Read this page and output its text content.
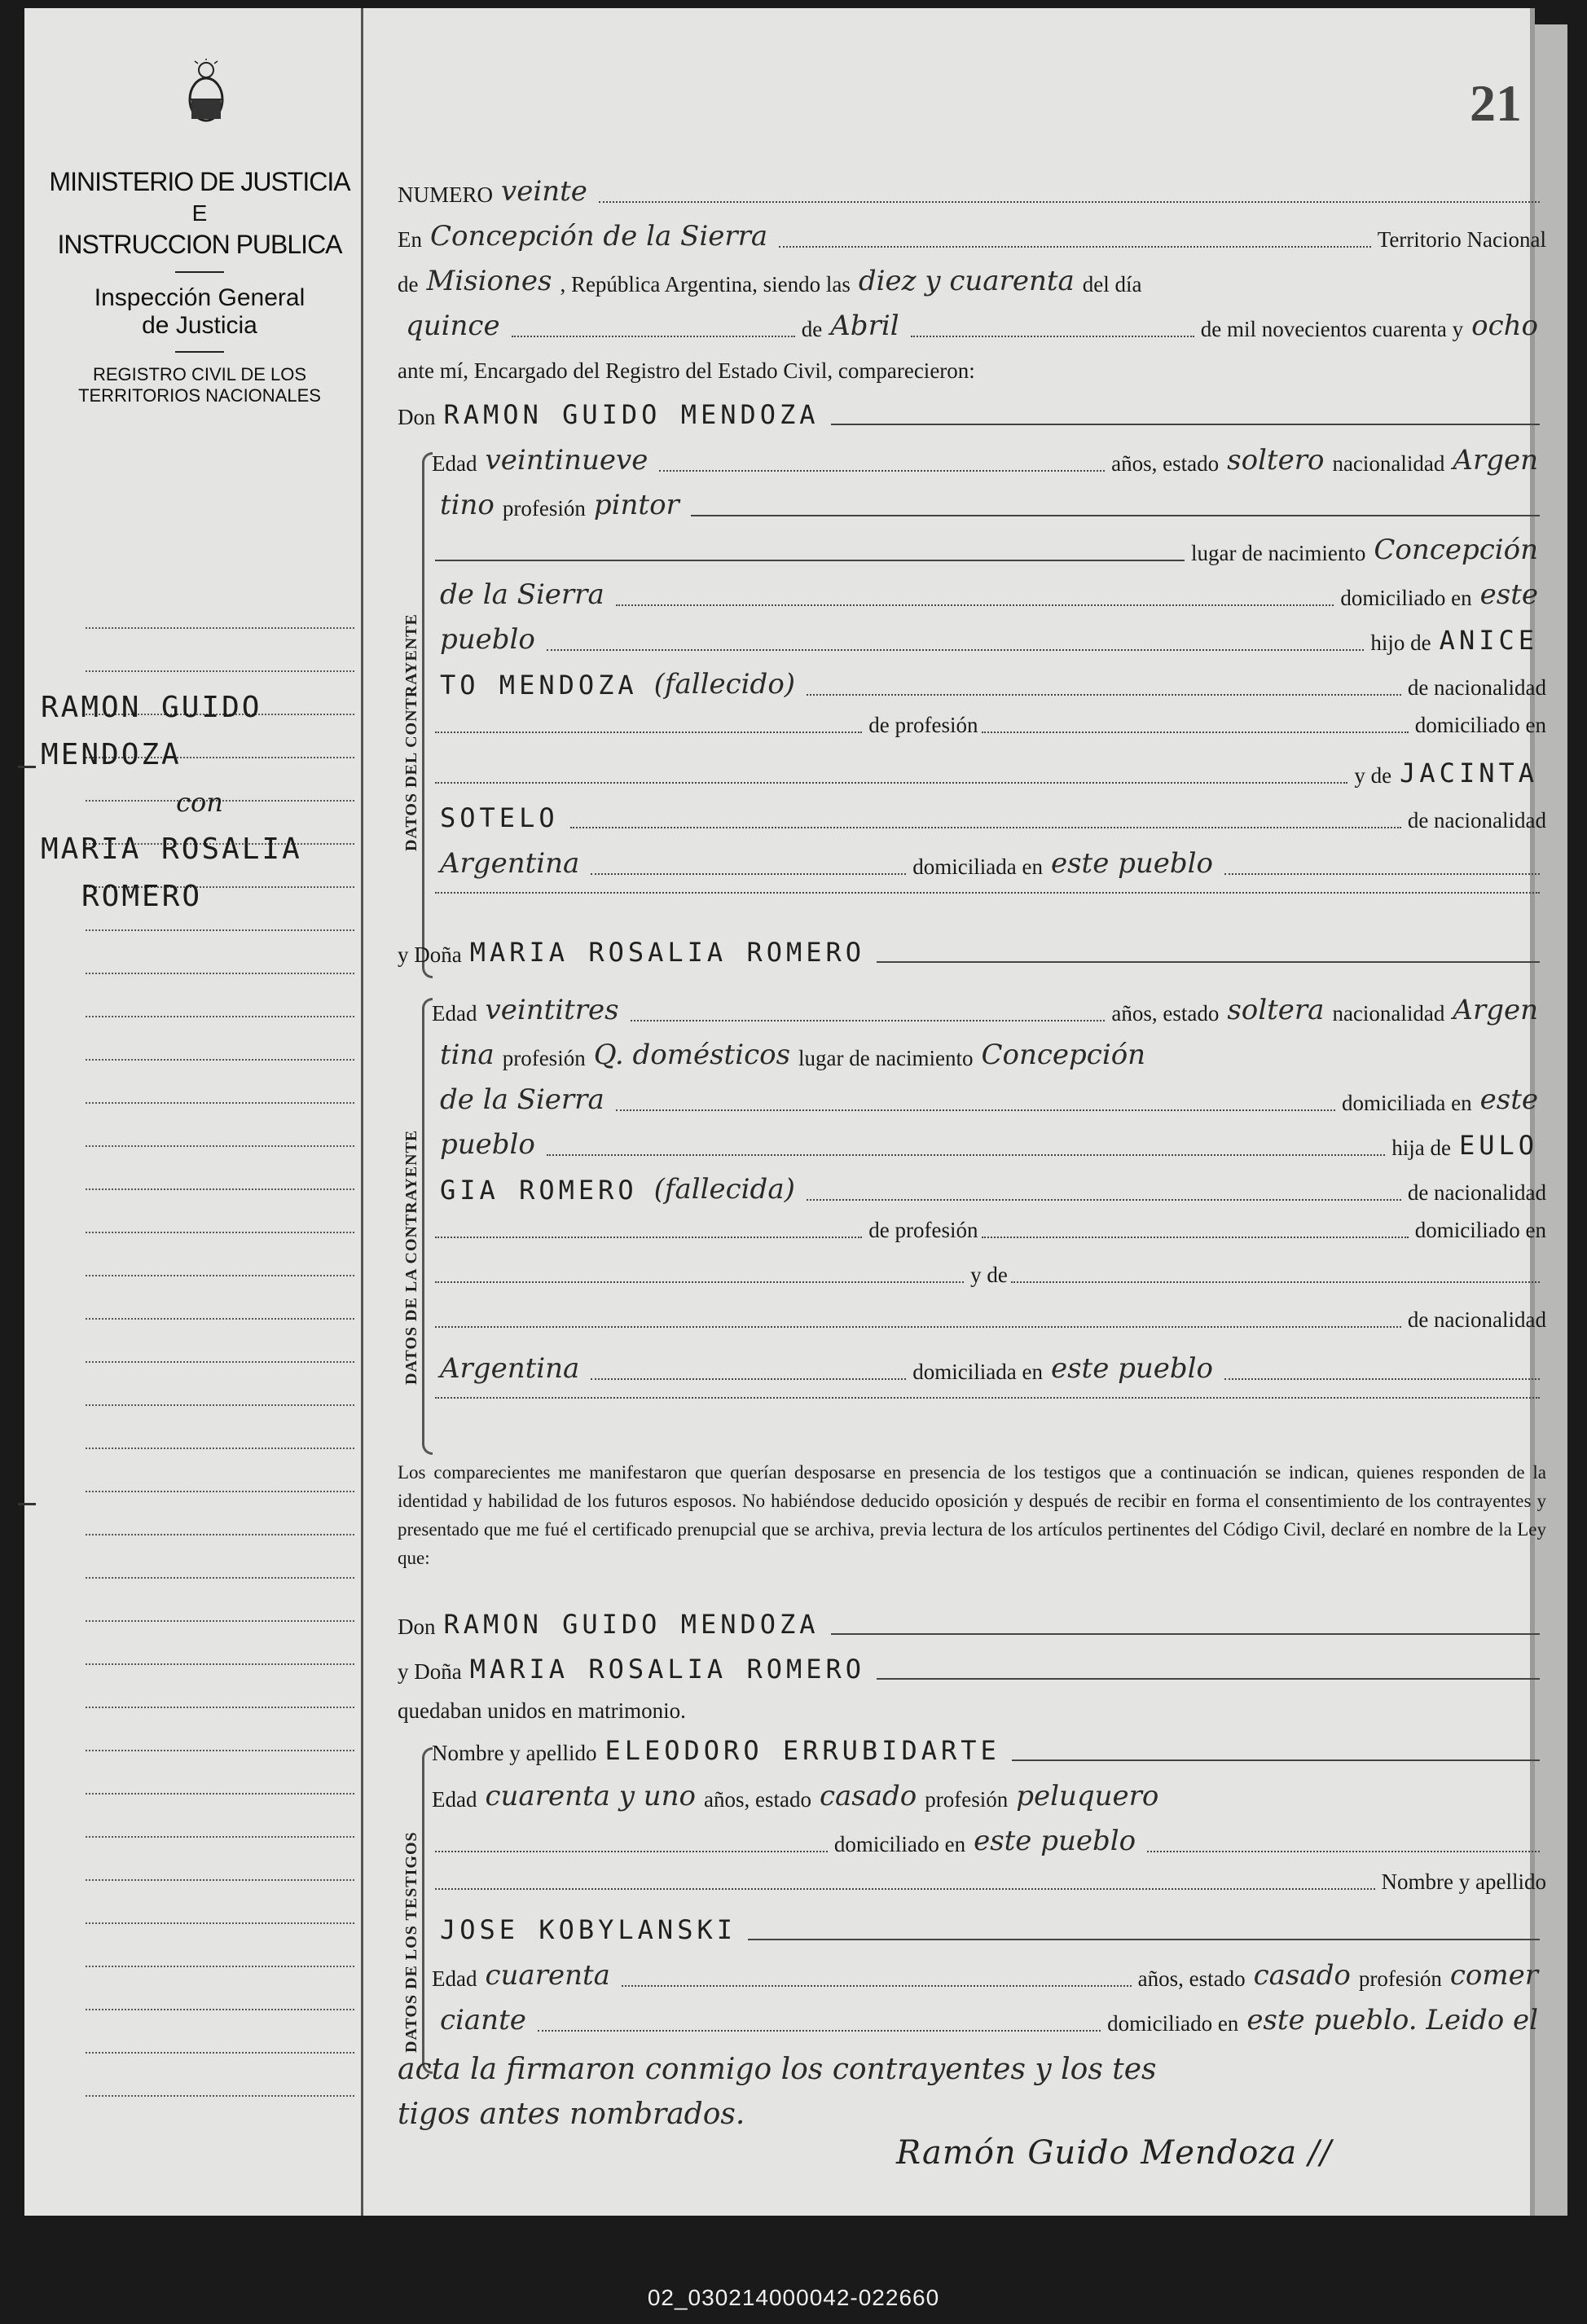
21
MINISTERIO DE JUSTICIA
E
INSTRUCCION PUBLICA
Inspección General
de Justicia
REGISTRO CIVIL DE LOS
TERRITORIOS NACIONALES
RAMON GUIDO
MENDOZA
con
MARIA ROSALIA
ROMERO
DATOS DEL CONTRAYENTE
DATOS DE LA CONTRAYENTE
DATOS DE LOS TESTIGOS
NUMERO veinte
En Concepción de la Sierra	Territorio Nacional
de Misiones , República Argentina, siendo las diez y cuarenta del día
quince	de Abril	de mil novecientos cuarenta y ocho
ante mí, Encargado del Registro del Estado Civil, comparecieron:
Don RAMON GUIDO MENDOZA
Edad veintinueve	años, estado soltero nacionalidad Argen
tino profesión pintor
lugar de nacimiento Concepción
de la Sierra	domiciliado en este
pueblo	hijo de ANICE
TO MENDOZA (fallecido)	de nacionalidad
de profesión	domiciliado en
y de JACINTA
SOTELO	de nacionalidad
Argentina	domiciliada en este pueblo
y Doña MARIA ROSALIA ROMERO
Edad veintitres	años, estado soltera nacionalidad Argen
tina profesión Q. domésticos lugar de nacimiento Concepción
de la Sierra	domiciliada en este
pueblo	hija de EULO
GIA ROMERO (fallecida)	de nacionalidad
de profesión	domiciliado en
y de
de nacionalidad
Argentina	domiciliada en este pueblo
Los comparecientes me manifestaron que querían desposarse en presencia de los testigos que a continuación se indican, quienes responden de la identidad y habilidad de los futuros esposos. No habiéndose deducido oposición y después de recibir en forma el consentimiento de los contrayentes y presentado que me fué el certificado prenupcial que se archiva, previa lectura de los artículos pertinentes del Código Civil, declaré en nombre de la Ley que:
Don RAMON GUIDO MENDOZA
y Doña MARIA ROSALIA ROMERO
quedaban unidos en matrimonio.
Nombre y apellido ELEODORO ERRUBIDARTE
Edad cuarenta y uno años, estado casado profesión peluquero
domiciliado en este pueblo
Nombre y apellido
JOSE KOBYLANSKI
Edad cuarenta	años, estado casado profesión comer
ciante	domiciliado en este pueblo. Leido el
acta la firmaron conmigo los contrayentes y los tes
tigos antes nombrados.
Ramón Guido Mendoza //
02_030214000042-022660
